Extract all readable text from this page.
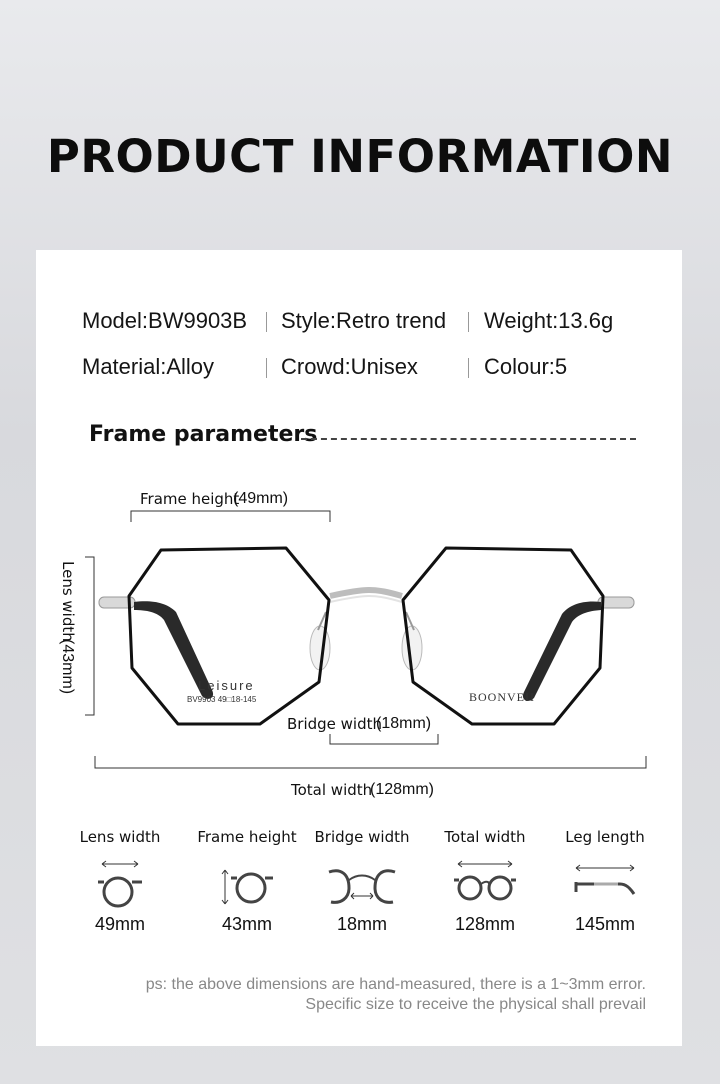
PRODUCT INFORMATION
Model:BW9903B Style:Retro trend Weight:13.6g
Material:Alloy	Crowd:Unisex	Colour:5
Frame parameters
Frame height
(49mm)
Lens width
(43mm)	Leisure
BV9903 49□18-145	BOONVEII
Bridge width
(18mm)
Total width
(128mm)
Lens width
49mm
Frame height
43mm
Bridge width
18mm
Total width
128mm
Leg length
145mm
ps: the above dimensions are hand-measured, there is a 1~3mm error.
Specific size to receive the physical shall prevail
